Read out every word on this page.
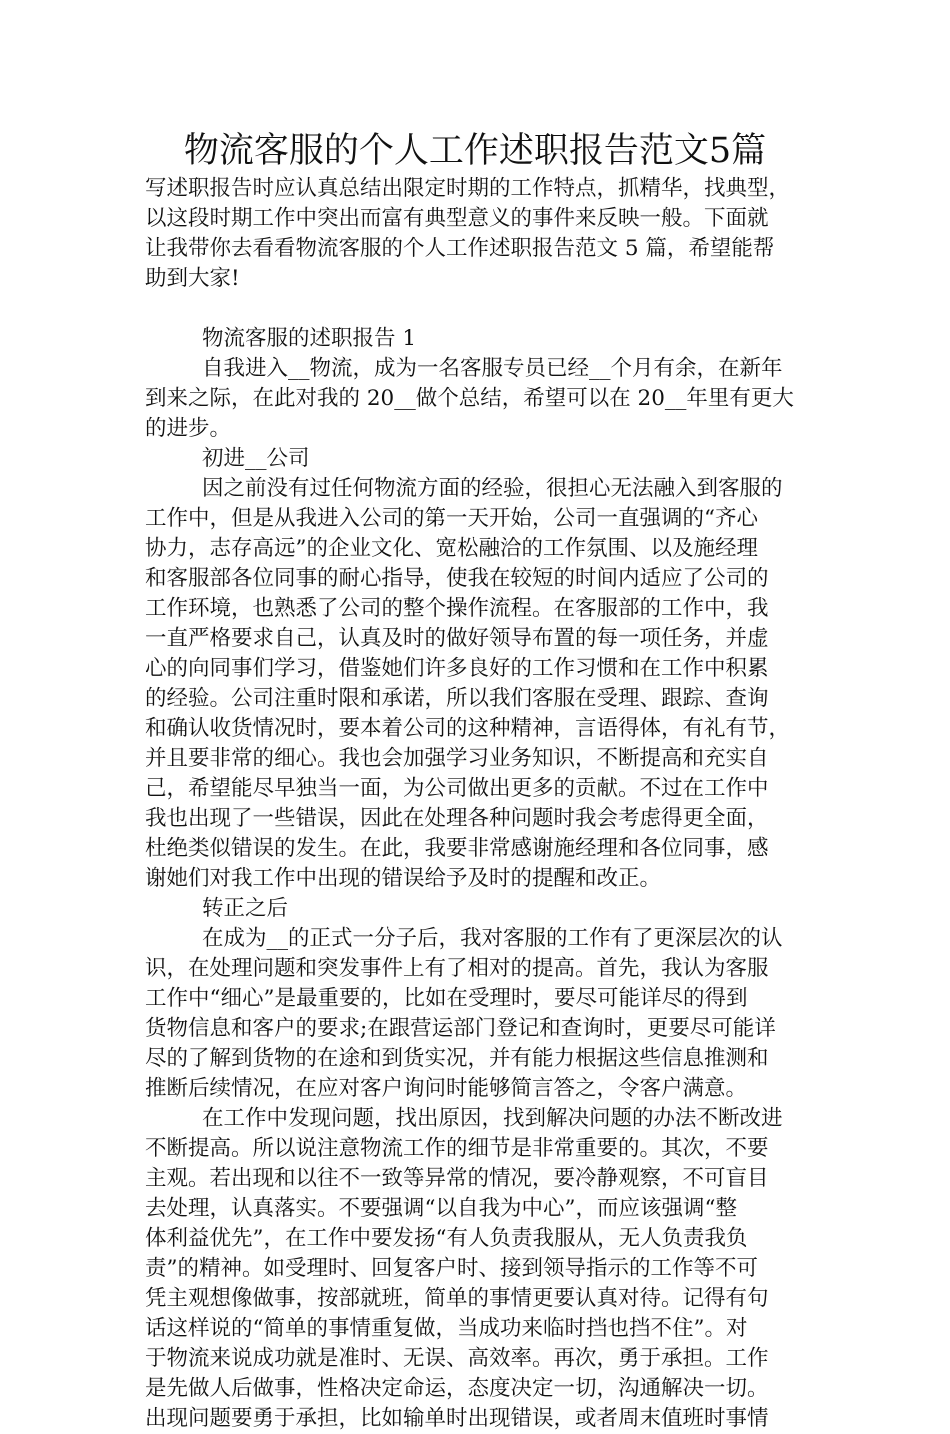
物流客服的个人工作述职报告范文5篇
写述职报告时应认真总结出限定时期的工作特点，抓精华，找典型，
以这段时期工作中突出而富有典型意义的事件来反映一般。下面就
让我带你去看看物流客服的个人工作述职报告范文 5 篇，希望能帮
助到大家!
物流客服的述职报告 1
自我进入__物流，成为一名客服专员已经__个月有余，在新年
到来之际，在此对我的 20__做个总结，希望可以在 20__年里有更大
的进步。
初进__公司
因之前没有过任何物流方面的经验，很担心无法融入到客服的
工作中，但是从我进入公司的第一天开始，公司一直强调的“齐心
协力，志存高远”的企业文化、宽松融洽的工作氛围、以及施经理
和客服部各位同事的耐心指导，使我在较短的时间内适应了公司的
工作环境，也熟悉了公司的整个操作流程。在客服部的工作中，我
一直严格要求自己，认真及时的做好领导布置的每一项任务，并虚
心的向同事们学习，借鉴她们许多良好的工作习惯和在工作中积累
的经验。公司注重时限和承诺，所以我们客服在受理、跟踪、查询
和确认收货情况时，要本着公司的这种精神，言语得体，有礼有节，
并且要非常的细心。我也会加强学习业务知识，不断提高和充实自
己，希望能尽早独当一面，为公司做出更多的贡献。不过在工作中
我也出现了一些错误，因此在处理各种问题时我会考虑得更全面，
杜绝类似错误的发生。在此，我要非常感谢施经理和各位同事，感
谢她们对我工作中出现的错误给予及时的提醒和改正。
转正之后
在成为__的正式一分子后，我对客服的工作有了更深层次的认
识，在处理问题和突发事件上有了相对的提高。首先，我认为客服
工作中“细心”是最重要的，比如在受理时，要尽可能详尽的得到
货物信息和客户的要求;在跟营运部门登记和查询时，更要尽可能详
尽的了解到货物的在途和到货实况，并有能力根据这些信息推测和
推断后续情况，在应对客户询问时能够简言答之，令客户满意。
在工作中发现问题，找出原因，找到解决问题的办法不断改进
不断提高。所以说注意物流工作的细节是非常重要的。其次，不要
主观。若出现和以往不一致等异常的情况，要冷静观察，不可盲目
去处理，认真落实。不要强调“以自我为中心”，而应该强调“整
体利益优先”，在工作中要发扬“有人负责我服从，无人负责我负
责”的精神。如受理时、回复客户时、接到领导指示的工作等不可
凭主观想像做事，按部就班，简单的事情更要认真对待。记得有句
话这样说的“简单的事情重复做，当成功来临时挡也挡不住”。对
于物流来说成功就是准时、无误、高效率。再次，勇于承担。工作
是先做人后做事，性格决定命运，态度决定一切，沟通解决一切。
出现问题要勇于承担，比如输单时出现错误，或者周末值班时事情
